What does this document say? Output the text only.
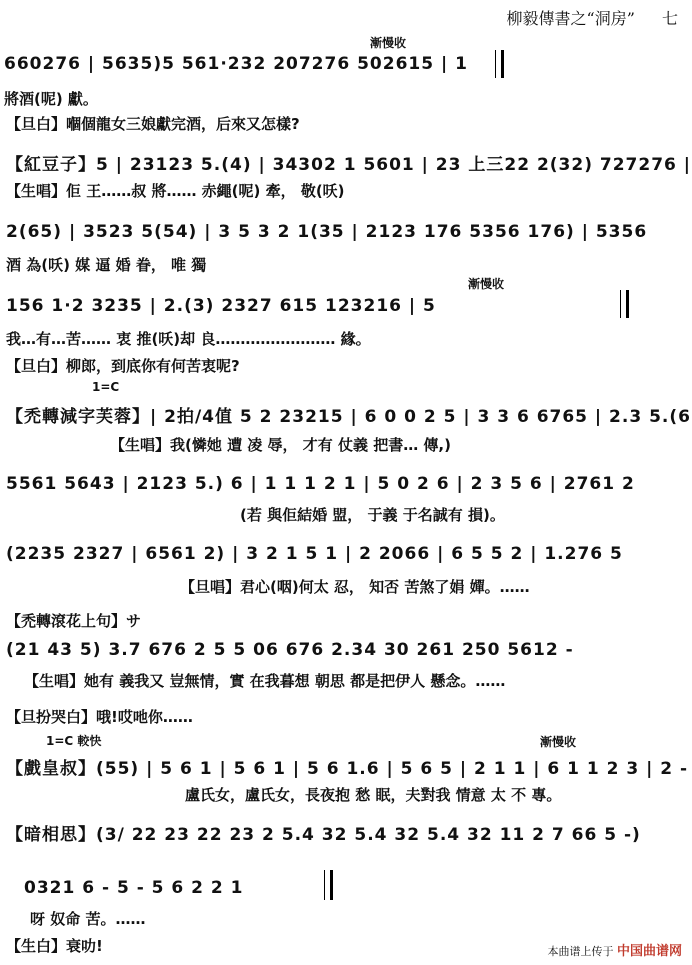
柳毅傳書之“洞房” 七
漸慢收
660276 | 5635)5 561·232 207276 502615 | 1
將酒(呢) 獻。
【旦白】嗰個龍女三娘獻完酒，后來又怎樣?
【紅豆子】5 | 23123 5.(4) | 34302 1 5601 | 23 上三22 2(32) 727276 |
【生唱】佢 王……叔 將…… 赤繩(呢) 牽， 敬(㕭)
2(65) | 3523 5(54) | 3 5 3 2 1(35 | 2123 176 5356 176) | 5356
酒 為(㕭) 媒 逼 婚 眷， 唯 獨
漸慢收
156 1·2 3235 | 2.(3) 2327 615 123216 | 5
我…有…苦…… 衷 推(㕭)却 良…………………… 緣。
【旦白】柳郎，到底你有何苦衷呢?
1=C
【禿轉減字芙蓉】| 2拍/4值 5 2 23215 | 6 0 0 2 5 | 3 3 6 6765 | 2.3 5.(6
【生唱】我(憐她 遭 凌 辱， 才有 仗義 把書… 傳,)
5561 5643 | 2123 5.) 6 | 1 1 1 2 1 | 5 0 2 6 | 2 3 5 6 | 2761 2
(若 與佢結婚 盟， 于義 于名誠有 損)。
(2235 2327 | 6561 2) | 3 2 1 5 1 | 2 2066 | 6 5 5 2 | 1.276 5
【旦唱】君心(咽)何太 忍， 知否 苦煞了娟 嬋。……
【禿轉滾花上句】サ
(21 43 5) 3.7 676 2 5 5 06 676 2.34 30 261 250 5612 -
【生唱】她有 義我又 豈無情，實 在我暮想 朝思 都是把伊人 懸念。……
【旦扮哭白】哦!哎吔你……
1=C 較快	漸慢收
【戲皇叔】(55) | 5 6 1 | 5 6 1 | 5 6 1.6 | 5 6 5 | 2 1 1 | 6 1 1 2 3 | 2 -
盧氏女，盧氏女，長夜抱 愁 眠，夫對我 情意 太 不 專。
【暗相思】(3/ 22 23 22 23 2 5.4 32 5.4 32 5.4 32 11 2 7 66 5 -)
0321 6 - 5 - 5 6 2 2 1
呀 奴命 苦。……
【生白】衰叻!	本曲谱上传于 中国曲谱网
